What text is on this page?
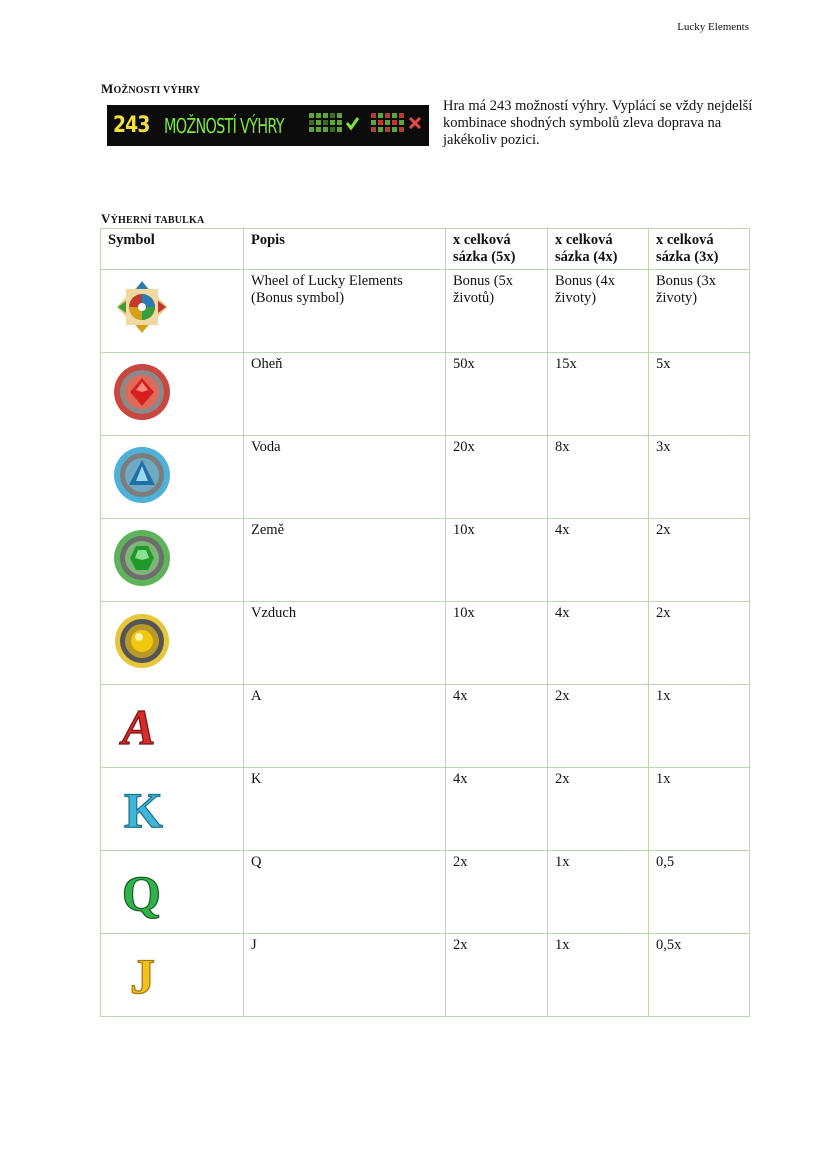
Lucky Elements
MOŽNOSTI VÝHRY
243 MOŽNOSTÍ VÝHRY
Hra má 243 možností výhry. Vyplácí se vždy nejdelší kombinace shodných symbolů zleva doprava na jakékoliv pozici.
VÝHERNÍ TABULKA
Symbol	Popis	x celková sázka (5x)	x celková sázka (4x)	x celková sázka (3x)

	Wheel of Lucky Elements (Bonus symbol)	Bonus (5x životů)	Bonus (4x životy)	Bonus (3x životy)

	Oheň	50x	15x	5x

	Voda	20x	8x	3x

	Země	10x	4x	2x

	Vzduch	10x	4x	2x

A	A	4x	2x	1x

K	K	4x	2x	1x

Q	Q	2x	1x	0,5

J	J	2x	1x	0,5x
